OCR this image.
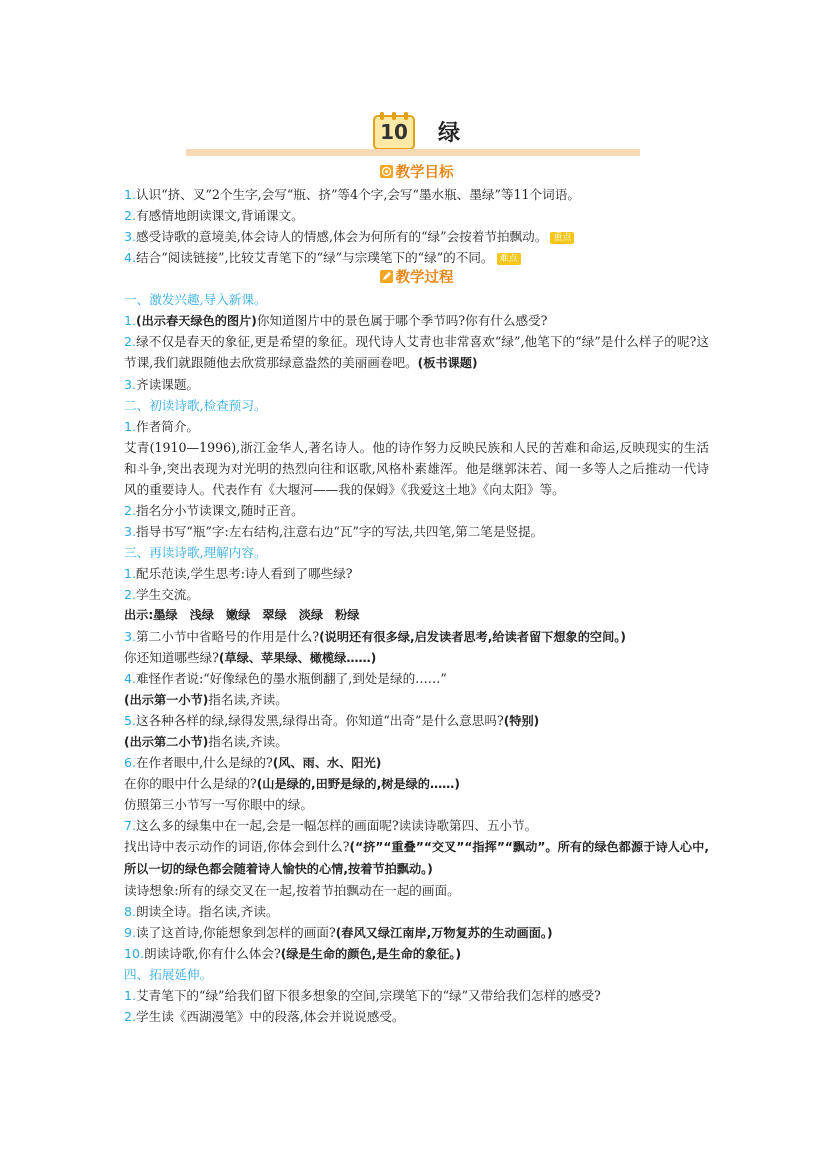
10	绿
教学目标
1.认识“挤、叉”2个生字,会写“瓶、挤”等4个字,会写“墨水瓶、墨绿”等11个词语。
2.有感情地朗读课文,背诵课文。
3.感受诗歌的意境美,体会诗人的情感,体会为何所有的“绿”会按着节拍飘动。 重点
4.结合“阅读链接”,比较艾青笔下的“绿”与宗璞笔下的“绿”的不同。 难点
教学过程
一、激发兴趣,导入新课。
1.(出示春天绿色的图片)你知道图片中的景色属于哪个季节吗?你有什么感受?
2.绿不仅是春天的象征,更是希望的象征。现代诗人艾青也非常喜欢“绿”,他笔下的“绿”是什么样子的呢?这节课,我们就跟随他去欣赏那绿意盎然的美丽画卷吧。(板书课题)
3.齐读课题。
二、初读诗歌,检查预习。
1.作者简介。
艾青(1910—1996),浙江金华人,著名诗人。他的诗作努力反映民族和人民的苦难和命运,反映现实的生活和斗争,突出表现为对光明的热烈向往和讴歌,风格朴素雄浑。他是继郭沫若、闻一多等人之后推动一代诗风的重要诗人。代表作有《大堰河——我的保姆》《我爱这土地》《向太阳》等。
2.指名分小节读课文,随时正音。
3.指导书写“瓶”字:左右结构,注意右边“瓦”字的写法,共四笔,第二笔是竖提。
三、再读诗歌,理解内容。
1.配乐范读,学生思考:诗人看到了哪些绿?
2.学生交流。
出示:墨绿 浅绿 嫩绿 翠绿 淡绿 粉绿
3.第二小节中省略号的作用是什么?(说明还有很多绿,启发读者思考,给读者留下想象的空间。)
你还知道哪些绿?(草绿、苹果绿、橄榄绿……)
4.难怪作者说:“好像绿色的墨水瓶倒翻了,到处是绿的……”
(出示第一小节)指名读,齐读。
5.这各种各样的绿,绿得发黑,绿得出奇。你知道“出奇”是什么意思吗?(特别)
(出示第二小节)指名读,齐读。
6.在作者眼中,什么是绿的?(风、雨、水、阳光)
在你的眼中什么是绿的?(山是绿的,田野是绿的,树是绿的……)
仿照第三小节写一写你眼中的绿。
7.这么多的绿集中在一起,会是一幅怎样的画面呢?读读诗歌第四、五小节。
找出诗中表示动作的词语,你体会到什么?(“挤”“重叠”“交叉”“指挥”“飘动”。所有的绿色都源于诗人心中,所以一切的绿色都会随着诗人愉快的心情,按着节拍飘动。)
读诗想象:所有的绿交叉在一起,按着节拍飘动在一起的画面。
8.朗读全诗。指名读,齐读。
9.读了这首诗,你能想象到怎样的画面?(春风又绿江南岸,万物复苏的生动画面。)
10.朗读诗歌,你有什么体会?(绿是生命的颜色,是生命的象征。)
四、拓展延伸。
1.艾青笔下的“绿”给我们留下很多想象的空间,宗璞笔下的“绿”又带给我们怎样的感受?
2.学生读《西湖漫笔》中的段落,体会并说说感受。
